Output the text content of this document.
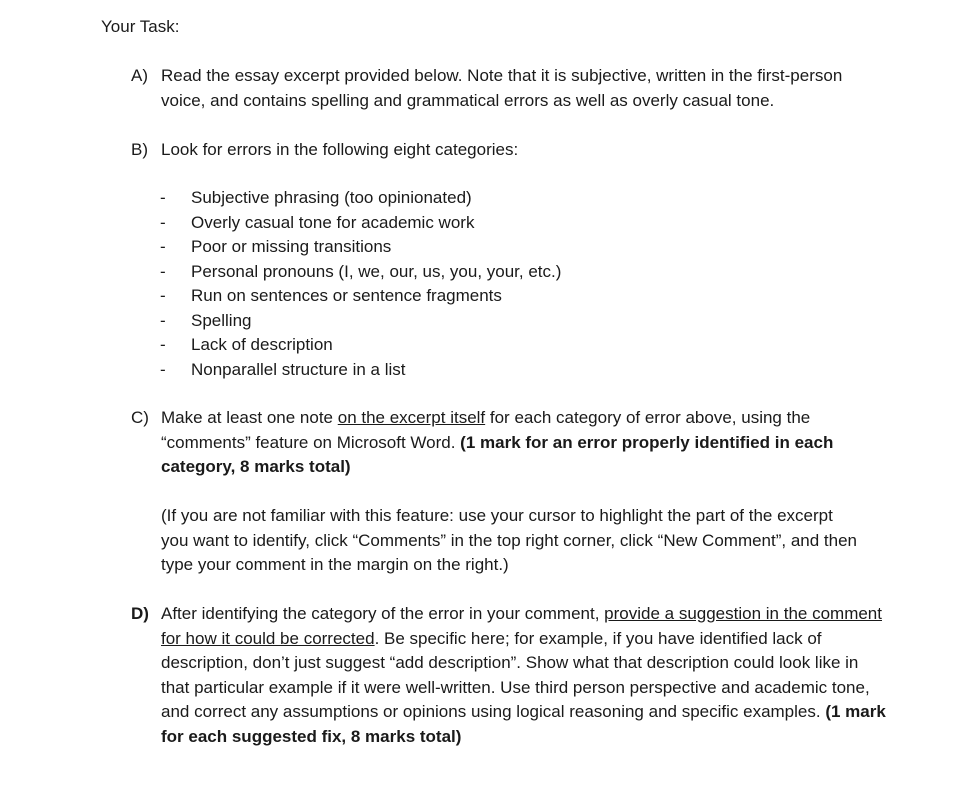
Your Task:
A) Read the essay excerpt provided below. Note that it is subjective, written in the first-person voice, and contains spelling and grammatical errors as well as overly casual tone.
B) Look for errors in the following eight categories:
-	Subjective phrasing (too opinionated)
-	Overly casual tone for academic work
-	Poor or missing transitions
-	Personal pronouns (I, we, our, us, you, your, etc.)
-	Run on sentences or sentence fragments
-	Spelling
-	Lack of description
-	Nonparallel structure in a list
C) Make at least one note on the excerpt itself for each category of error above, using the “comments” feature on Microsoft Word. (1 mark for an error properly identified in each category, 8 marks total)
(If you are not familiar with this feature: use your cursor to highlight the part of the excerpt you want to identify, click “Comments” in the top right corner, click “New Comment”, and then type your comment in the margin on the right.)
D) After identifying the category of the error in your comment, provide a suggestion in the comment for how it could be corrected. Be specific here; for example, if you have identified lack of description, don’t just suggest “add description”. Show what that description could look like in that particular example if it were well-written. Use third person perspective and academic tone, and correct any assumptions or opinions using logical reasoning and specific examples. (1 mark for each suggested fix, 8 marks total)
